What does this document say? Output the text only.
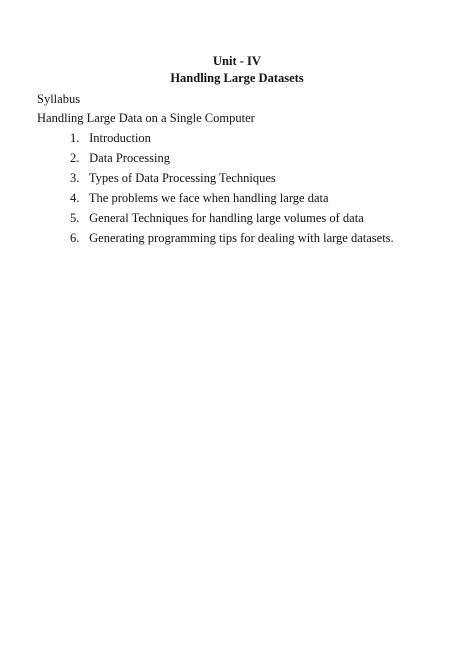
Unit - IV
Handling Large Datasets
Syllabus
Handling Large Data on a Single Computer
1. Introduction
2. Data Processing
3. Types of Data Processing Techniques
4. The problems we face when handling large data
5. General Techniques for handling large volumes of data
6. Generating programming tips for dealing with large datasets.
